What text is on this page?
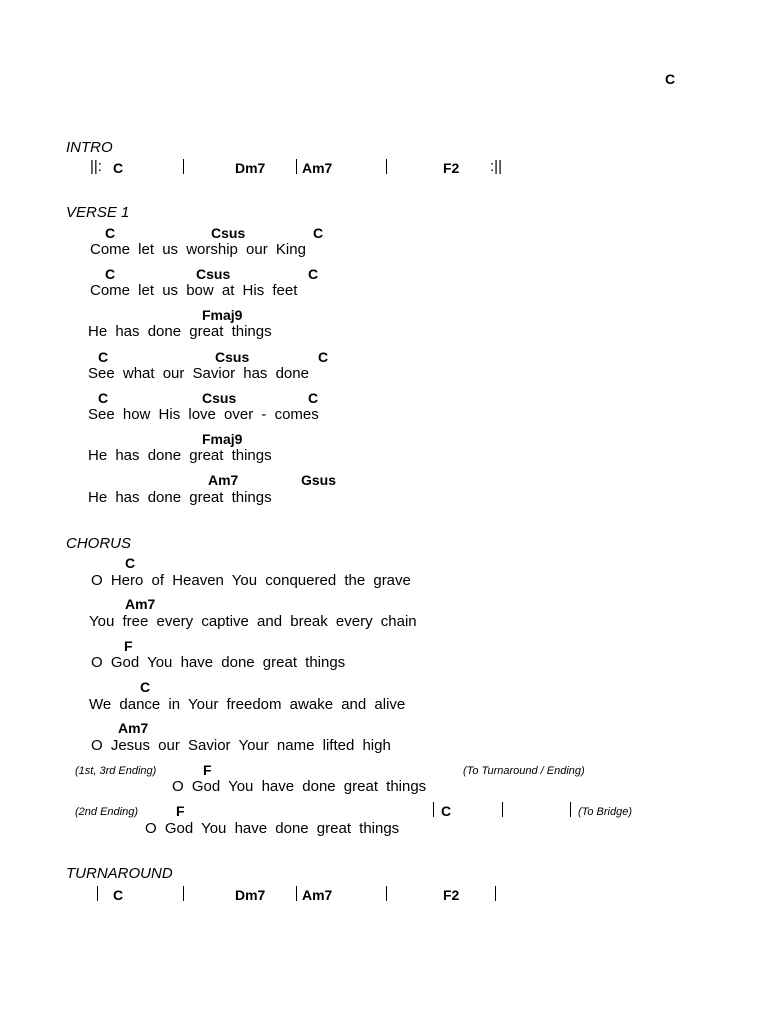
C
INTRO
||: C	Dm7	Am7	F2 :||
VERSE 1
C	Csus	C
Come let us worship our King
C	Csus	C
Come let us bow at His feet
Fmaj9
He has done great things
C	Csus	C
See what our Savior has done
C	Csus	C
See how His love over - comes
Fmaj9
He has done great things
Am7	Gsus
He has done great things
CHORUS
C
O Hero of Heaven You conquered the grave
Am7
You free every captive and break every chain
F
O God You have done great things
C
We dance in Your freedom awake and alive
Am7
O Jesus our Savior Your name lifted high
(1st, 3rd Ending)	F	(To Turnaround / Ending)
O God You have done great things
(2nd Ending)	F	C	(To Bridge)
O God You have done great things
TURNAROUND
C	Dm7	Am7	F2
